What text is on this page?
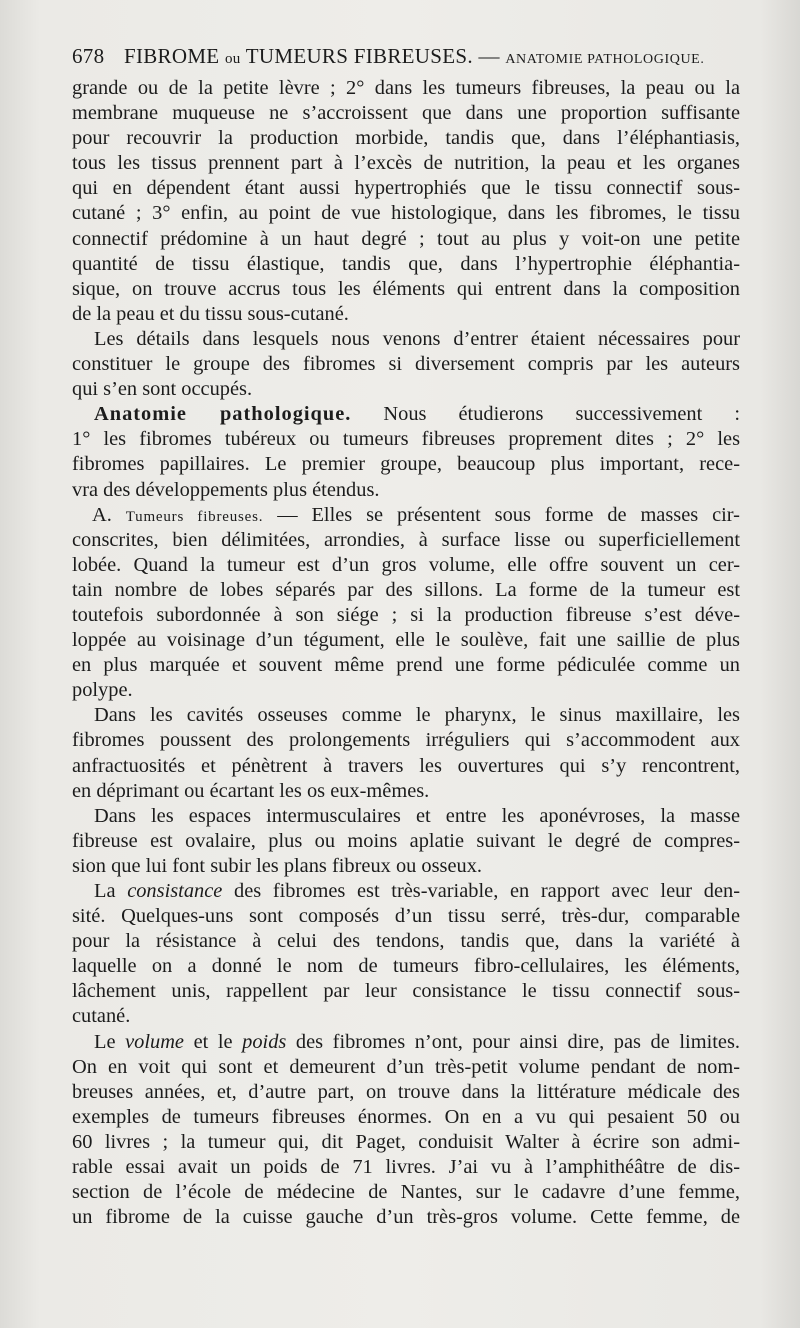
678 FIBROME ou TUMEURS FIBREUSES. — ANATOMIE PATHOLOGIQUE.
grande ou de la petite lèvre ; 2° dans les tumeurs fibreuses, la peau ou la
membrane muqueuse ne s’accroissent que dans une proportion suffisante
pour recouvrir la production morbide, tandis que, dans l’éléphantiasis,
tous les tissus prennent part à l’excès de nutrition, la peau et les organes
qui en dépendent étant aussi hypertrophiés que le tissu connectif sous-
cutané ; 3° enfin, au point de vue histologique, dans les fibromes, le tissu
connectif prédomine à un haut degré ; tout au plus y voit-on une petite
quantité de tissu élastique, tandis que, dans l’hypertrophie éléphantia-
sique, on trouve accrus tous les éléments qui entrent dans la composition
de la peau et du tissu sous-cutané.
Les détails dans lesquels nous venons d’entrer étaient nécessaires pour
constituer le groupe des fibromes si diversement compris par les auteurs
qui s’en sont occupés.
Anatomie pathologique. Nous étudierons successivement :
1° les fibromes tubéreux ou tumeurs fibreuses proprement dites ; 2° les
fibromes papillaires. Le premier groupe, beaucoup plus important, rece-
vra des développements plus étendus.
A. Tumeurs fibreuses. — Elles se présentent sous forme de masses cir-
conscrites, bien délimitées, arrondies, à surface lisse ou superficiellement
lobée. Quand la tumeur est d’un gros volume, elle offre souvent un cer-
tain nombre de lobes séparés par des sillons. La forme de la tumeur est
toutefois subordonnée à son siége ; si la production fibreuse s’est déve-
loppée au voisinage d’un tégument, elle le soulève, fait une saillie de plus
en plus marquée et souvent même prend une forme pédiculée comme un
polype.
Dans les cavités osseuses comme le pharynx, le sinus maxillaire, les
fibromes poussent des prolongements irréguliers qui s’accommodent aux
anfractuosités et pénètrent à travers les ouvertures qui s’y rencontrent,
en déprimant ou écartant les os eux-mêmes.
Dans les espaces intermusculaires et entre les aponévroses, la masse
fibreuse est ovalaire, plus ou moins aplatie suivant le degré de compres-
sion que lui font subir les plans fibreux ou osseux.
La consistance des fibromes est très-variable, en rapport avec leur den-
sité. Quelques-uns sont composés d’un tissu serré, très-dur, comparable
pour la résistance à celui des tendons, tandis que, dans la variété à
laquelle on a donné le nom de tumeurs fibro-cellulaires, les éléments,
lâchement unis, rappellent par leur consistance le tissu connectif sous-
cutané.
Le volume et le poids des fibromes n’ont, pour ainsi dire, pas de limites.
On en voit qui sont et demeurent d’un très-petit volume pendant de nom-
breuses années, et, d’autre part, on trouve dans la littérature médicale des
exemples de tumeurs fibreuses énormes. On en a vu qui pesaient 50 ou
60 livres ; la tumeur qui, dit Paget, conduisit Walter à écrire son admi-
rable essai avait un poids de 71 livres. J’ai vu à l’amphithéâtre de dis-
section de l’école de médecine de Nantes, sur le cadavre d’une femme,
un fibrome de la cuisse gauche d’un très-gros volume. Cette femme, de
